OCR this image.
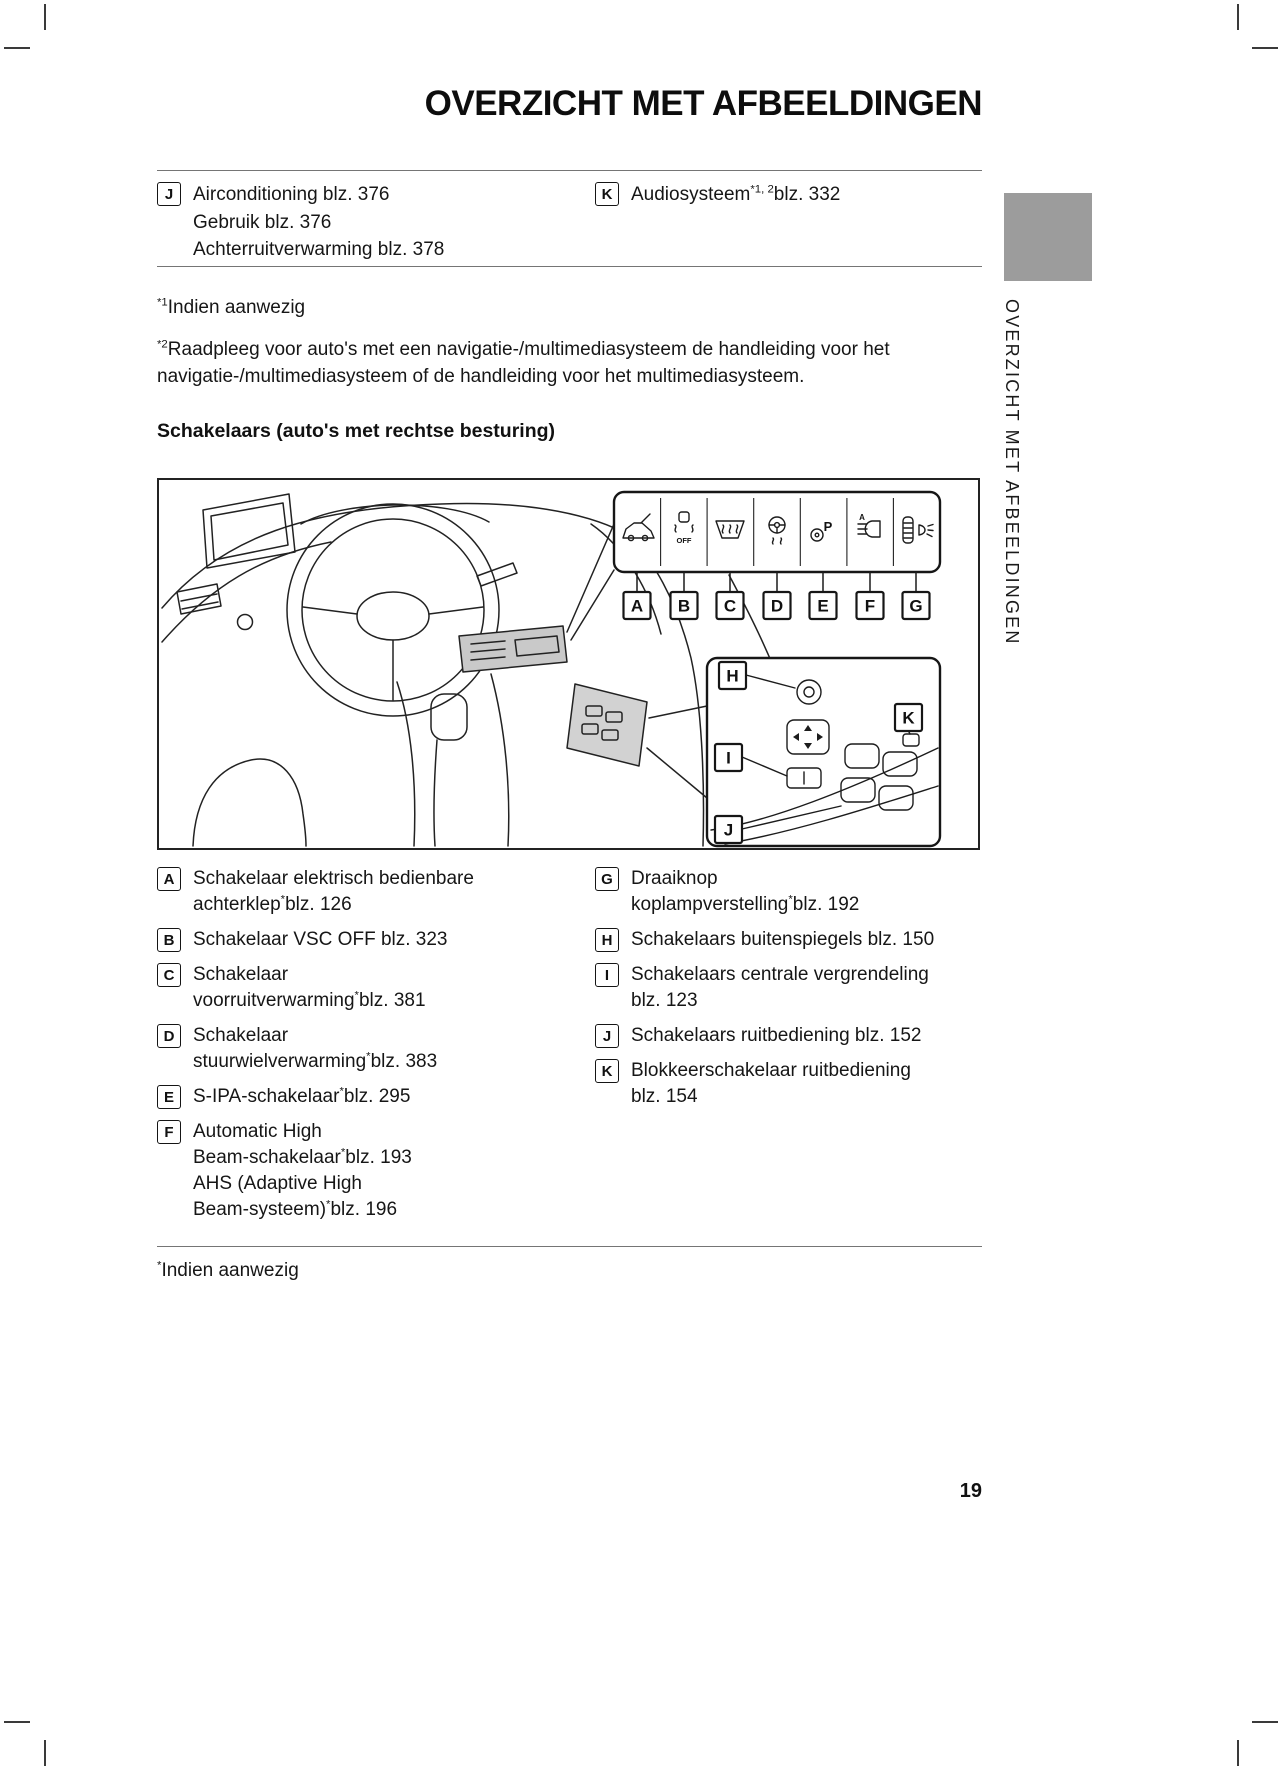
OVERZICHT MET AFBEELDINGEN
J	Airconditioning blz. 376
Gebruik blz. 376
Achterruitverwarming blz. 378
K Audiosysteem$^{*1, 2}$blz. 332

$^{*1}$Indien aanwezig

$^{*2}$Raadpleeg voor auto's met een navigatie-/multimediasysteem de handleiding voor het navigatie-/multimediasysteem of de handleiding voor het multimediasysteem.

Schakelaars (auto's met rechtse besturing)
OFF
P
A
A B C D E F G
H
I
J
K
A Schakelaar elektrisch bedienbare
achterklep*blz. 126
B Schakelaar VSC OFF blz. 323
C Schakelaar
voorruitverwarming*blz. 381
D Schakelaar
stuurwielverwarming*blz. 383
E	S-IPA-schakelaar*blz. 295
F	Automatic High
Beam-schakelaar*blz. 193
AHS (Adaptive High
Beam-systeem)*blz. 196
G Draaiknop
koplampverstelling*blz. 192
H Schakelaars buitenspiegels blz. 150
I	Schakelaars centrale vergrendeling
blz. 123
J	Schakelaars ruitbediening blz. 152
K Blokkeerschakelaar ruitbediening
blz. 154

*Indien aanwezig

19
OVERZICHT MET AFBEELDINGEN
